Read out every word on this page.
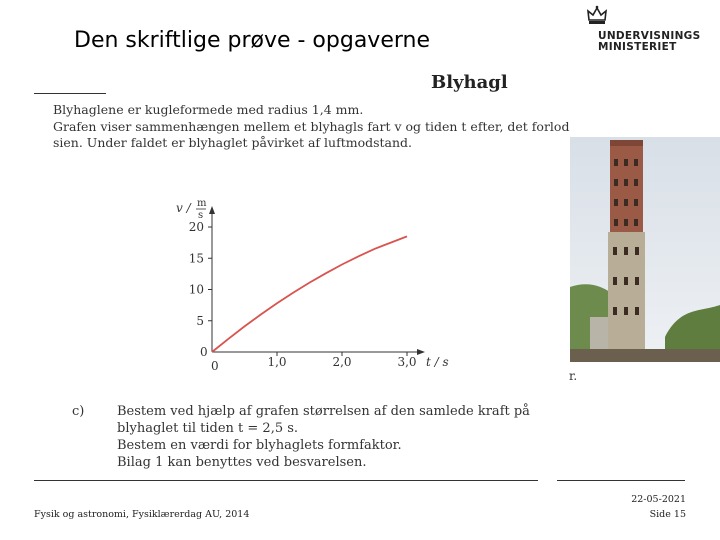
Den skriftlige prøve - opgaverne	UNDERVISNINGS
MINISTERIET
Blyhagl
Blyhaglene er kugleformede med radius 1,4 mm.
Grafen viser sammenhængen mellem et blyhagls fart v og tiden t efter, det forlod
sien. Under faldet er blyhaglet påvirket af luftmodstand.
5
10
15
20
1,0	2,0	3,0
0
0
v / m
s
t / s
r.
c)	Bestem ved hjælp af grafen størrelsen af den samlede kraft på
blyhaglet til tiden t = 2,5 s.
Bestem en værdi for blyhaglets formfaktor.
Bilag 1 kan benyttes ved besvarelsen.
Fysik og astronomi, Fysiklærerdag AU, 2014
22-05-2021
Side 15
